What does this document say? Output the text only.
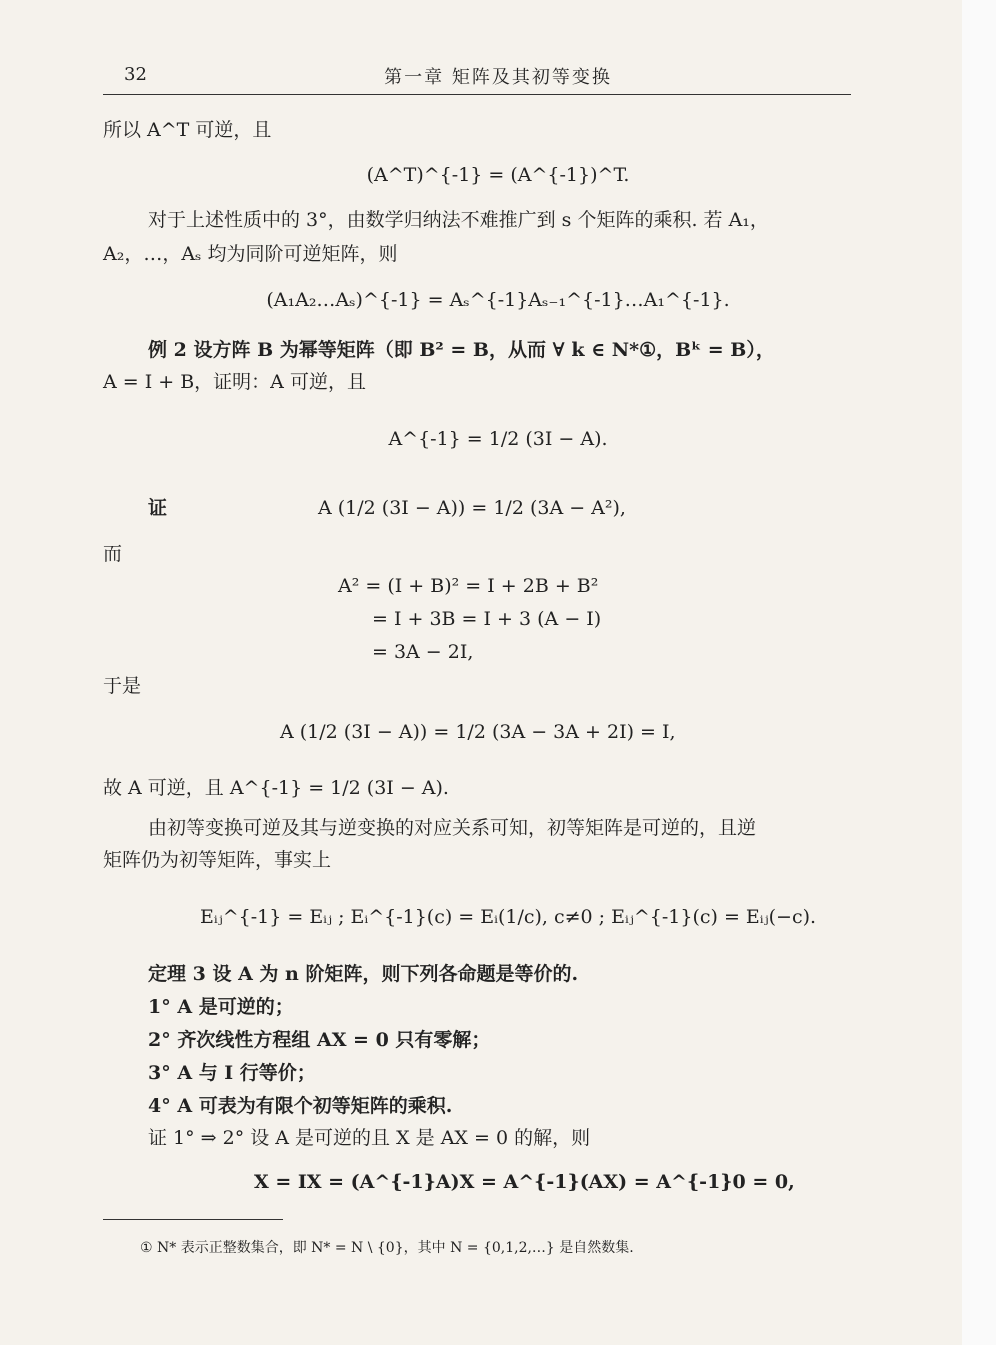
32	第一章 矩阵及其初等变换
所以 A^T 可逆，且
(A^T)^{-1} = (A^{-1})^T.
对于上述性质中的 3°，由数学归纳法不难推广到 s 个矩阵的乘积. 若 A₁，
A₂，…，Aₛ 均为同阶可逆矩阵，则
(A₁A₂…Aₛ)^{-1} = Aₛ^{-1}Aₛ₋₁^{-1}…A₁^{-1}.
例 2 设方阵 B 为幂等矩阵（即 B² = B，从而 ∀ k ∈ N*①，Bᵏ = B），
A = I + B，证明：A 可逆，且
A^{-1} = 1/2 (3I − A).
证	A (1/2 (3I − A)) = 1/2 (3A − A²),
而
A² = (I + B)² = I + 2B + B²
= I + 3B = I + 3 (A − I)
= 3A − 2I,
于是
A (1/2 (3I − A)) = 1/2 (3A − 3A + 2I) = I,
故 A 可逆，且 A^{-1} = 1/2 (3I − A).
由初等变换可逆及其与逆变换的对应关系可知，初等矩阵是可逆的，且逆
矩阵仍为初等矩阵，事实上
Eᵢⱼ^{-1} = Eᵢⱼ ; Eᵢ^{-1}(c) = Eᵢ(1/c), c≠0 ; Eᵢⱼ^{-1}(c) = Eᵢⱼ(−c).
定理 3 设 A 为 n 阶矩阵，则下列各命题是等价的.
1° A 是可逆的；
2° 齐次线性方程组 AX = 0 只有零解；
3° A 与 I 行等价；
4° A 可表为有限个初等矩阵的乘积.
证 1° ⇒ 2° 设 A 是可逆的且 X 是 AX = 0 的解，则
X = IX = (A^{-1}A)X = A^{-1}(AX) = A^{-1}0 = 0,
① N* 表示正整数集合，即 N* = N \ {0}，其中 N = {0,1,2,…} 是自然数集.
